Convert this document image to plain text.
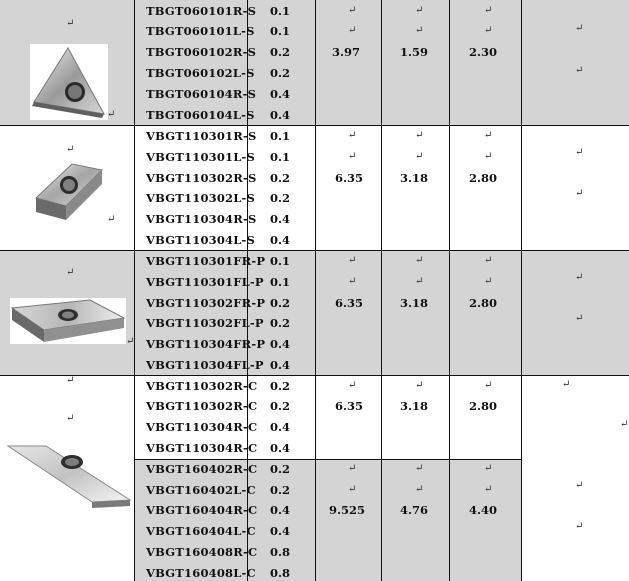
↵
↵
TBGT060101R-S 0.1
TBGT060101L-S 0.1
TBGT060102R-S 0.2
TBGT060102L-S 0.2
TBGT060104R-S 0.4
TBGT060104L-S 0.4
3.97	1.59	2.30
↵
↵
↵
↵
↵
↵	↵
↵
↵
↵
VBGT110301R-S 0.1
VBGT110301L-S 0.1
VBGT110302R-S 0.2
VBGT110302L-S 0.2
VBGT110304R-S 0.4
VBGT110304L-S 0.4
6.35	3.18	2.80
↵
↵
↵
↵
↵
↵	↵
↵
↵
↵
VBGT110301FR-P 0.1
VBGT110301FL-P 0.1
VBGT110302FR-P 0.2
VBGT110302FL-P 0.2
VBGT110304FR-P 0.4
VBGT110304FL-P 0.4
6.35	3.18	2.80
↵
↵
↵
↵
↵
↵	↵
↵
↵
↵
VBGT110302R-C 0.2
VBGT110302R-C 0.2
VBGT110304R-C 0.4
VBGT110304R-C 0.4
6.35	3.18	2.80
↵	↵	↵	↵
↵
VBGT160402R-C 0.2
VBGT160402L-C 0.2
VBGT160404R-C 0.4
VBGT160404L-C 0.4
VBGT160408R-C 0.8
VBGT160408L-C 0.8
9.525	4.76	4.40
↵
↵
↵
↵
↵
↵	↵
↵
